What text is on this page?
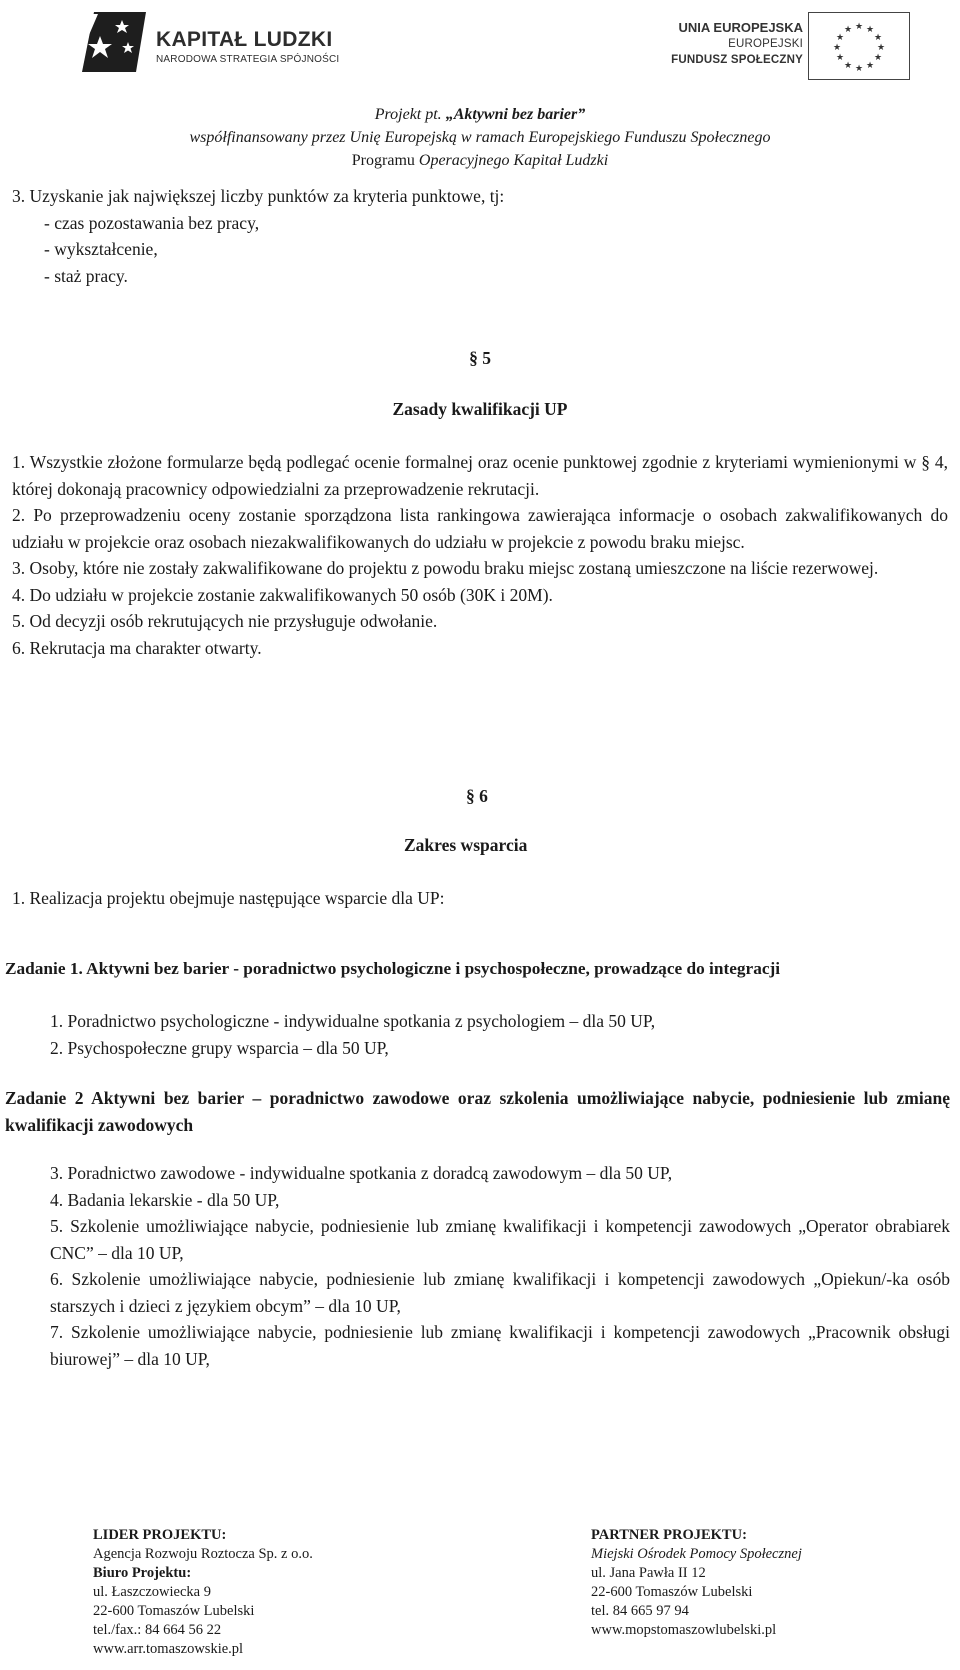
KAPITAŁ LUDZKI
NARODOWA STRATEGIA SPÓJNOŚCI
UNIA EUROPEJSKA
EUROPEJSKI
FUNDUSZ SPOŁECZNY
★ ★
★
★
★
★
★
★
★
★
★
★
Projekt pt. „Aktywni bez barier”
współfinansowany przez Unię Europejską w ramach Europejskiego Funduszu Społecznego
Programu Operacyjnego Kapitał Ludzki
3. Uzyskanie jak największej liczby punktów za kryteria punktowe, tj:
- czas pozostawania bez pracy,
- wykształcenie,
- staż pracy.
§ 5
Zasady kwalifikacji UP
1. Wszystkie złożone formularze będą podlegać ocenie formalnej oraz ocenie punktowej zgodnie z kryteriami wymienionymi w § 4, której dokonają pracownicy odpowiedzialni za przeprowadzenie rekrutacji.
2. Po przeprowadzeniu oceny zostanie sporządzona lista rankingowa zawierająca informacje o osobach zakwalifikowanych do udziału w projekcie oraz osobach niezakwalifikowanych do udziału w projekcie z powodu braku miejsc.
3. Osoby, które nie zostały zakwalifikowane do projektu z powodu braku miejsc zostaną umieszczone na liście rezerwowej.
4. Do udziału w projekcie zostanie zakwalifikowanych 50 osób (30K i 20M).
5. Od decyzji osób rekrutujących nie przysługuje odwołanie.
6. Rekrutacja ma charakter otwarty.
§ 6
Zakres wsparcia
1. Realizacja projektu obejmuje następujące wsparcie dla UP:
Zadanie 1. Aktywni bez barier - poradnictwo psychologiczne i psychospołeczne, prowadzące do integracji
1. Poradnictwo psychologiczne - indywidualne spotkania z psychologiem – dla 50 UP,
2. Psychospołeczne grupy wsparcia – dla 50 UP,
Zadanie 2 Aktywni bez barier – poradnictwo zawodowe oraz szkolenia umożliwiające nabycie, podniesienie lub zmianę kwalifikacji zawodowych
3. Poradnictwo zawodowe - indywidualne spotkania z doradcą zawodowym – dla 50 UP,
4. Badania lekarskie - dla 50 UP,
5. Szkolenie umożliwiające nabycie, podniesienie lub zmianę kwalifikacji i kompetencji zawodowych „Operator obrabiarek CNC” – dla 10 UP,
6. Szkolenie umożliwiające nabycie, podniesienie lub zmianę kwalifikacji i kompetencji zawodowych „Opiekun/-ka osób starszych i dzieci z językiem obcym” – dla 10 UP,
7. Szkolenie umożliwiające nabycie, podniesienie lub zmianę kwalifikacji i kompetencji zawodowych „Pracownik obsługi biurowej” – dla 10 UP,
LIDER PROJEKTU:
Agencja Rozwoju Roztocza Sp. z o.o.
Biuro Projektu:
ul. Łaszczowiecka 9
22-600 Tomaszów Lubelski
tel./fax.: 84 664 56 22
www.arr.tomaszowskie.pl
PARTNER PROJEKTU:
Miejski Ośrodek Pomocy Społecznej
ul. Jana Pawła II 12
22-600 Tomaszów Lubelski
tel. 84 665 97 94
www.mopstomaszowlubelski.pl
